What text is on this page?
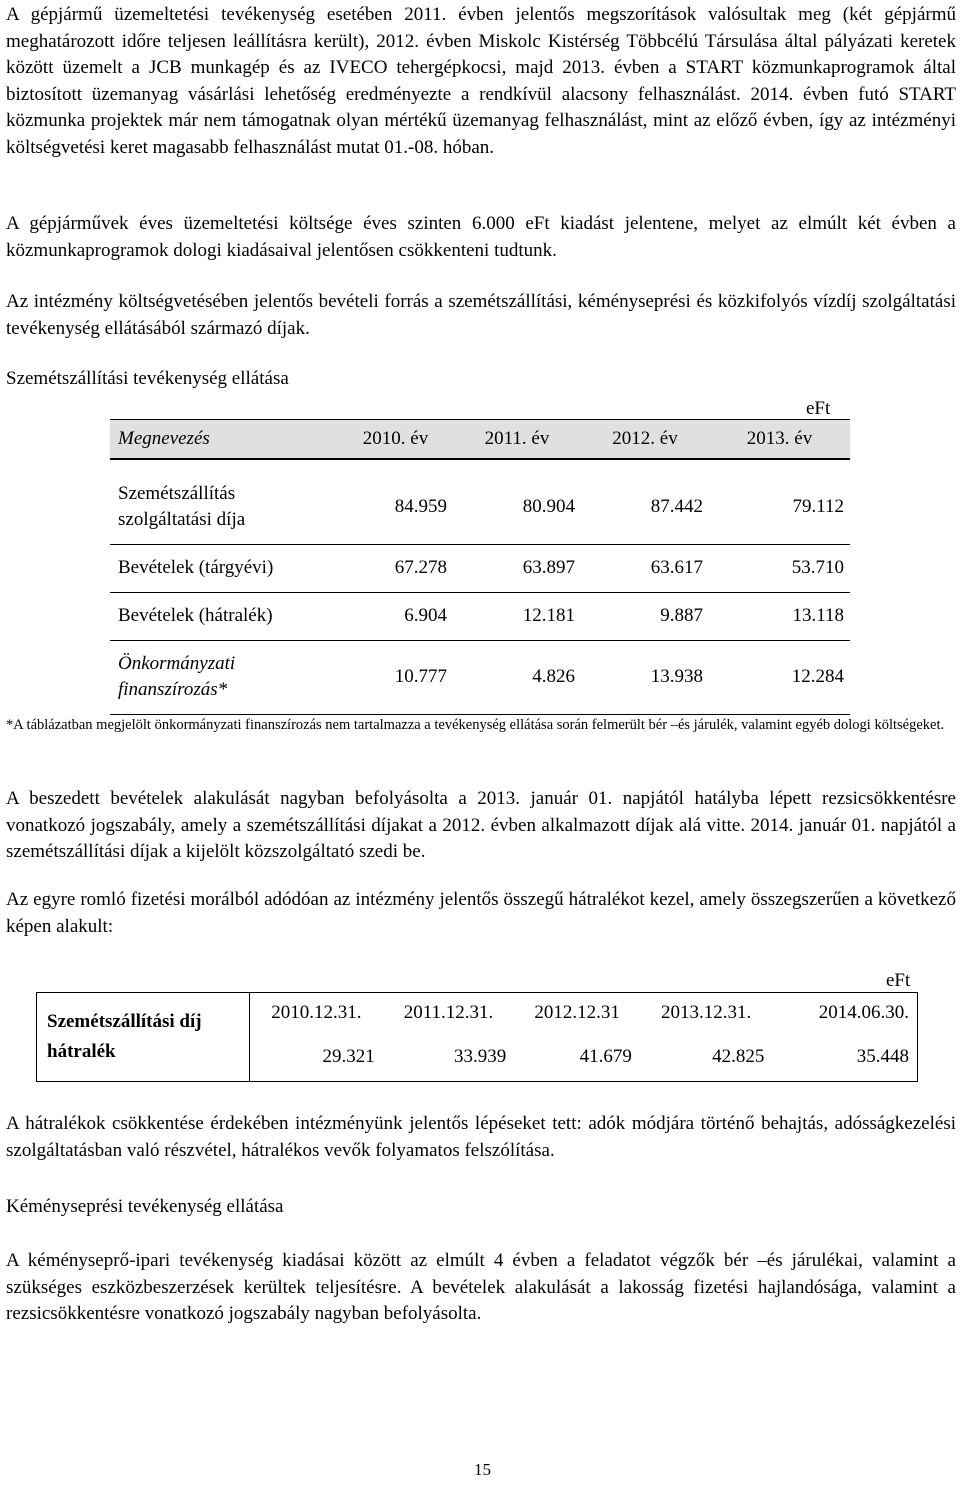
A gépjármű üzemeltetési tevékenység esetében 2011. évben jelentős megszorítások valósultak meg (két gépjármű meghatározott időre teljesen leállításra került), 2012. évben Miskolc Kistérség Többcélú Társulása által pályázati keretek között üzemelt a JCB munkagép és az IVECO tehergépkocsi, majd 2013. évben a START közmunkaprogramok által biztosított üzemanyag vásárlási lehetőség eredményezte a rendkívül alacsony felhasználást. 2014. évben futó START közmunka projektek már nem támogatnak olyan mértékű üzemanyag felhasználást, mint az előző évben, így az intézményi költségvetési keret magasabb felhasználást mutat 01.-08. hóban.

A gépjárművek éves üzemeltetési költsége éves szinten 6.000 eFt kiadást jelentene, melyet az elmúlt két évben a közmunkaprogramok dologi kiadásaival jelentősen csökkenteni tudtunk.

Az intézmény költségvetésében jelentős bevételi forrás a szemétszállítási, kéményseprési és közkifolyós vízdíj szolgáltatási tevékenység ellátásából származó díjak.

Szemétszállítási tevékenység ellátása
eFt
Megnevezés	2010. év	2011. év	2012. év	2013. év

Szemétszállítás
szolgáltatási díja	84.959	80.904	87.442	79.112
Bevételek (tárgyévi)	67.278	63.897	63.617	53.710
Bevételek (hátralék)	6.904	12.181	9.887	13.118
Önkormányzati
finanszírozás*	10.777	4.826	13.938	12.284
*A táblázatban megjelölt önkormányzati finanszírozás nem tartalmazza a tevékenység ellátása során felmerült bér –és járulék, valamint egyéb dologi költségeket.

A beszedett bevételek alakulását nagyban befolyásolta a 2013. január 01. napjától hatályba lépett rezsicsökkentésre vonatkozó jogszabály, amely a szemétszállítási díjakat a 2012. évben alkalmazott díjak alá vitte. 2014. január 01. napjától a szemétszállítási díjak a kijelölt közszolgáltató szedi be.

Az egyre romló fizetési morálból adódóan az intézmény jelentős összegű hátralékot kezel, amely összegszerűen a következő képen alakult:

eFt
Szemétszállítási díj
hátralék	2010.12.31.	2011.12.31.	2012.12.31	2013.12.31.	2014.06.30.
	29.321	33.939	41.679	42.825	35.448

A hátralékok csökkentése érdekében intézményünk jelentős lépéseket tett: adók módjára történő behajtás, adósságkezelési szolgáltatásban való részvétel, hátralékos vevők folyamatos felszólítása.

Kéményseprési tevékenység ellátása

A kéményseprő-ipari tevékenység kiadásai között az elmúlt 4 évben a feladatot végzők bér –és járulékai, valamint a szükséges eszközbeszerzések kerültek teljesítésre. A bevételek alakulását a lakosság fizetési hajlandósága, valamint a rezsicsökkentésre vonatkozó jogszabály nagyban befolyásolta.

15
